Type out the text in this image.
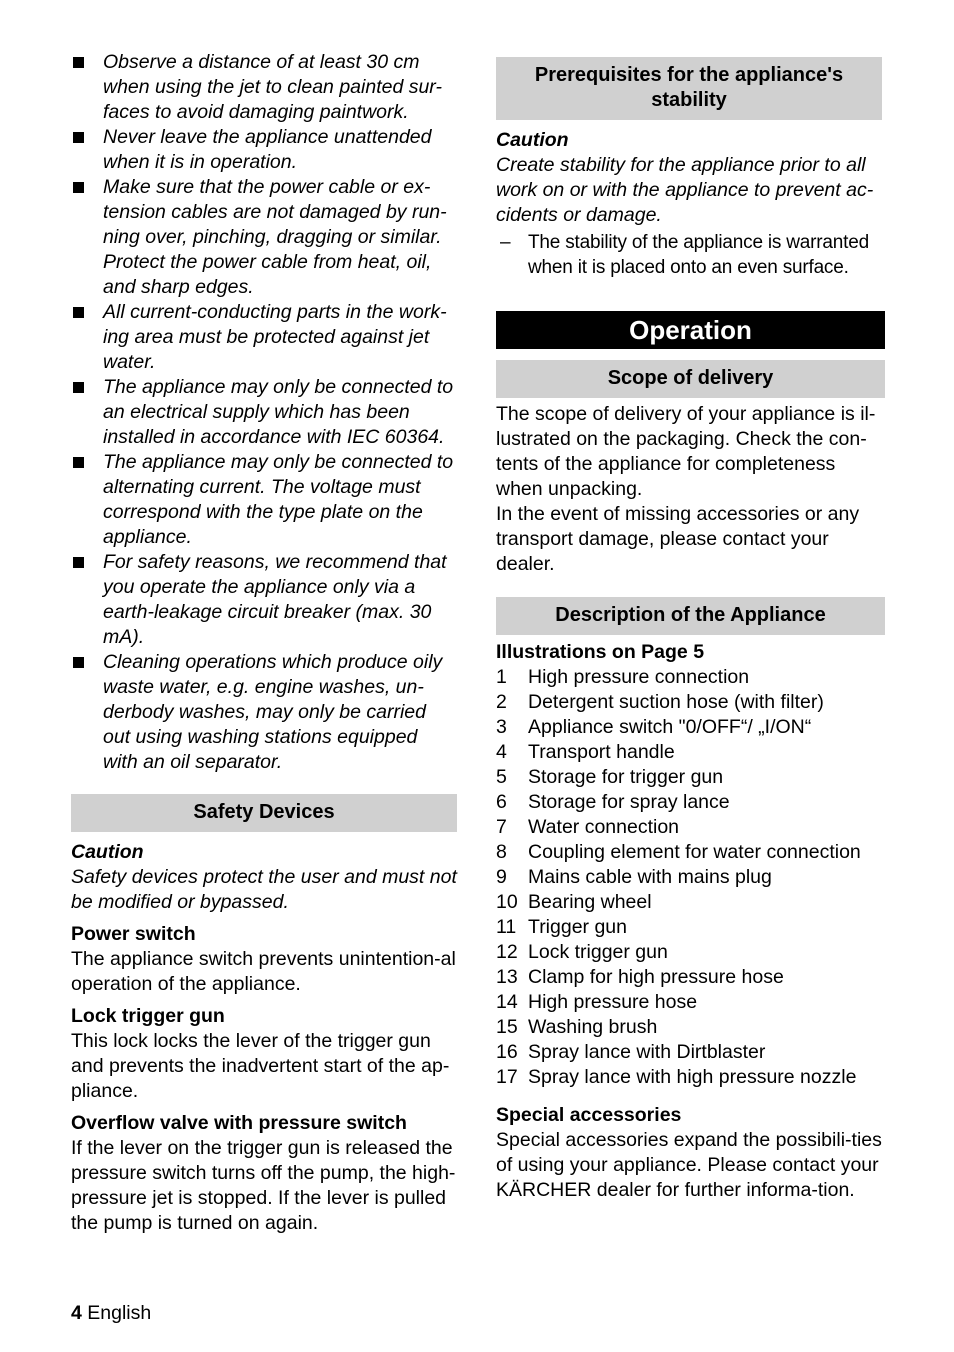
Observe a distance of at least 30 cm when using the jet to clean painted sur-faces to avoid damaging paintwork.
Never leave the appliance unattended when it is in operation.
Make sure that the power cable or ex-tension cables are not damaged by run-ning over, pinching, dragging or similar. Protect the power cable from heat, oil, and sharp edges.
All current-conducting parts in the work-ing area must be protected against jet water.
The appliance may only be connected to an electrical supply which has been installed in accordance with IEC 60364.
The appliance may only be connected to alternating current. The voltage must correspond with the type plate on the appliance.
For safety reasons, we recommend that you operate the appliance only via a earth-leakage circuit breaker (max. 30 mA).
Cleaning operations which produce oily waste water, e.g. engine washes, un-derbody washes, may only be carried out using washing stations equipped with an oil separator.
Safety Devices

Caution

Safety devices protect the user and must not be modified or bypassed.

Power switch

The appliance switch prevents unintention-al operation of the appliance.

Lock trigger gun

This lock locks the lever of the trigger gun and prevents the inadvertent start of the ap-pliance.

Overflow valve with pressure switch

If the lever on the trigger gun is released the pressure switch turns off the pump, the high-pressure jet is stopped. If the lever is pulled the pump is turned on again.

Prerequisites for the appliance's stability

Caution

Create stability for the appliance prior to all work on or with the appliance to prevent ac-cidents or damage.

– The stability of the appliance is warranted when it is placed onto an even surface.
Operation
Scope of delivery

The scope of delivery of your appliance is il-lustrated on the packaging. Check the con-tents of the appliance for completeness when unpacking.

In the event of missing accessories or any transport damage, please contact your dealer.

Description of the Appliance

Illustrations on Page 5

1 High pressure connection
2 Detergent suction hose (with filter)
3 Appliance switch "0/OFF“/ „I/ON“
4 Transport handle
5 Storage for trigger gun
6 Storage for spray lance
7 Water connection
8 Coupling element for water connection
9 Mains cable with mains plug
10 Bearing wheel
11 Trigger gun
12 Lock trigger gun
13 Clamp for high pressure hose
14 High pressure hose
15 Washing brush
16 Spray lance with Dirtblaster
17 Spray lance with high pressure nozzle

Special accessories

Special accessories expand the possibili-ties of using your appliance. Please contact your KÄRCHER dealer for further informa-tion.

4 English
